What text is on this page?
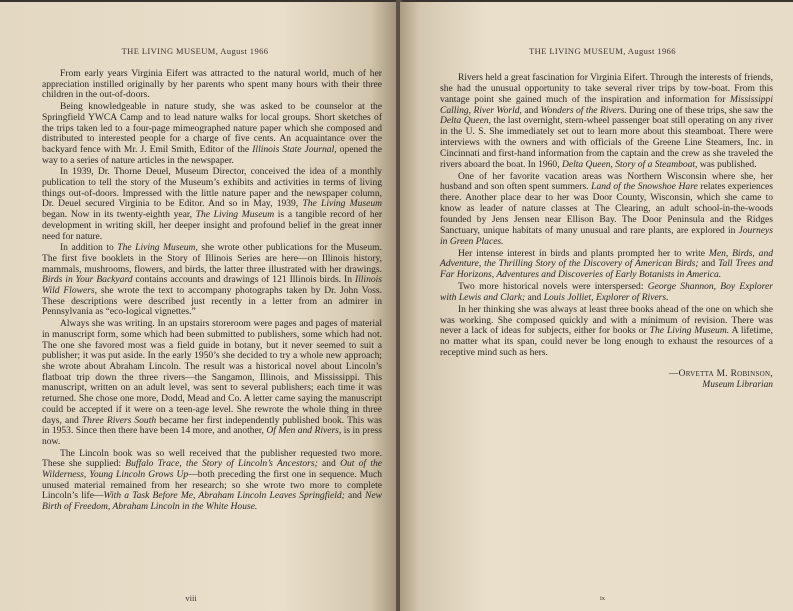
THE LIVING MUSEUM, August 1966

From early years Virginia Eifert was attracted to the natural world, much of her appreciation instilled originally by her parents who spent many hours with their three children in the out-of-doors.

Being knowledgeable in nature study, she was asked to be counselor at the Springfield YWCA Camp and to lead nature walks for local groups. Short sketches of the trips taken led to a four-page mimeographed nature paper which she composed and distributed to interested people for a charge of five cents. An acquaintance over the backyard fence with Mr. J. Emil Smith, Editor of the Illinois State Journal, opened the way to a series of nature articles in the newspaper.

In 1939, Dr. Thorne Deuel, Museum Director, conceived the idea of a monthly publication to tell the story of the Museum’s exhibits and activities in terms of living things out-of-doors. Impressed with the little nature paper and the newspaper column, Dr. Deuel secured Virginia to be Editor. And so in May, 1939, The Living Museum began. Now in its twenty-eighth year, The Living Museum is a tangible record of her development in writing skill, her deeper insight and profound belief in the great inner need for nature.

In addition to The Living Museum, she wrote other publications for the Museum. The first five booklets in the Story of Illinois Series are here—on Illinois history, mammals, mushrooms, flowers, and birds, the latter three illustrated with her drawings. Birds in Your Backyard contains accounts and drawings of 121 Illinois birds. In Illinois Wild Flowers, she wrote the text to accompany photographs taken by Dr. John Voss. These descriptions were described just recently in a letter from an admirer in Pennsylvania as “eco-logical vignettes.”

Always she was writing. In an upstairs storeroom were pages and pages of material in manuscript form, some which had been submitted to publishers, some which had not. The one she favored most was a field guide in botany, but it never seemed to suit a publisher; it was put aside. In the early 1950’s she decided to try a whole new approach; she wrote about Abraham Lincoln. The result was a historical novel about Lincoln’s flatboat trip down the three rivers—the Sangamon, Illinois, and Mississippi. This manuscript, written on an adult level, was sent to several publishers; each time it was returned. She chose one more, Dodd, Mead and Co. A letter came saying the manuscript could be accepted if it were on a teen-age level. She rewrote the whole thing in three days, and Three Rivers South became her first independently published book. This was in 1953. Since then there have been 14 more, and another, Of Men and Rivers, is in press now.

The Lincoln book was so well received that the publisher requested two more. These she supplied: Buffalo Trace, the Story of Lincoln’s Ancestors; and Out of the Wilderness, Young Lincoln Grows Up—both preceding the first one in sequence. Much unused material remained from her research; so she wrote two more to complete Lincoln’s life—With a Task Before Me, Abraham Lincoln Leaves Springfield; and New Birth of Freedom, Abraham Lincoln in the White House.

viii
THE LIVING MUSEUM, August 1966

Rivers held a great fascination for Virginia Eifert. Through the interests of friends, she had the unusual opportunity to take several river trips by tow-boat. From this vantage point she gained much of the inspiration and information for Mississippi Calling, River World, and Wonders of the Rivers. During one of these trips, she saw the Delta Queen, the last overnight, stern-wheel passenger boat still operating on any river in the U. S. She immediately set out to learn more about this steamboat. There were interviews with the owners and with officials of the Greene Line Steamers, Inc. in Cincinnati and first-hand information from the captain and the crew as she traveled the rivers aboard the boat. In 1960, Delta Queen, Story of a Steamboat, was published.

One of her favorite vacation areas was Northern Wisconsin where she, her husband and son often spent summers. Land of the Snowshoe Hare relates experiences there. Another place dear to her was Door County, Wisconsin, which she came to know as leader of nature classes at The Clearing, an adult school-in-the-woods founded by Jens Jensen near Ellison Bay. The Door Peninsula and the Ridges Sanctuary, unique habitats of many unusual and rare plants, are explored in Journeys in Green Places.

Her intense interest in birds and plants prompted her to write Men, Birds, and Adventure, the Thrilling Story of the Discovery of American Birds; and Tall Trees and Far Horizons, Adventures and Discoveries of Early Botanists in America.

Two more historical novels were interspersed: George Shannon, Boy Explorer with Lewis and Clark; and Louis Jolliet, Explorer of Rivers.

In her thinking she was always at least three books ahead of the one on which she was working. She composed quickly and with a minimum of revision. There was never a lack of ideas for subjects, either for books or The Living Museum. A lifetime, no matter what its span, could never be long enough to exhaust the resources of a receptive mind such as hers.

—Orvetta M. Robinson,
Museum Librarian
ix
